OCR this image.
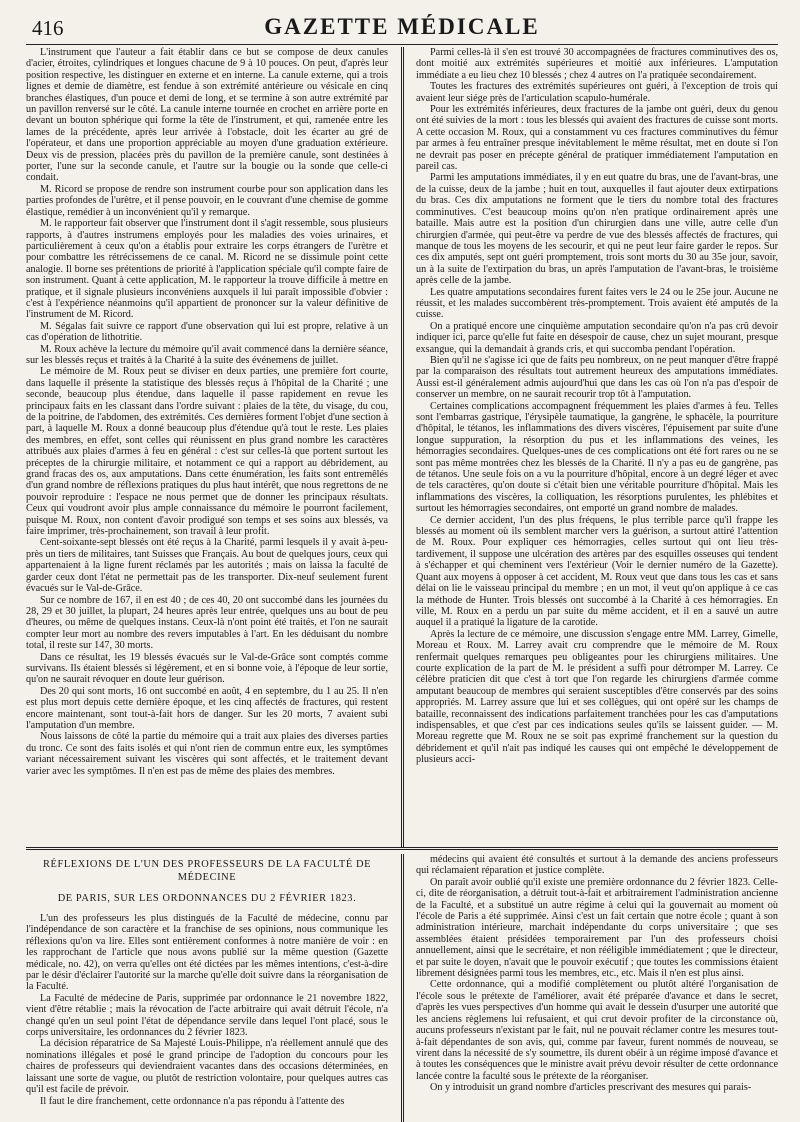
416	GAZETTE MÉDICALE

L'instrument que l'auteur a fait établir dans ce but se compose de deux canules d'acier, étroites, cylindriques et longues chacune de 9 à 10 pouces. On peut, d'après leur position respective, les distinguer en externe et en interne. La canule externe, qui a trois lignes et demie de diamètre, est fendue à son extrémité antérieure ou vésicale en cinq branches élastiques, d'un pouce et demi de long, et se termine à son autre extrémité par un pavillon renversé sur le côté. La canule interne tournée en crochet en arrière porte en devant un bouton sphérique qui forme la tête de l'instrument, et qui, ramenée entre les lames de la précédente, après leur arrivée à l'obstacle, doit les écarter au gré de l'opérateur, et dans une proportion appréciable au moyen d'une graduation extérieure. Deux vis de pression, placées près du pavillon de la première canule, sont destinées à porter, l'une sur la seconde canule, et l'autre sur la bougie ou la sonde que celle-ci condait.

M. Ricord se propose de rendre son instrument courbe pour son application dans les parties profondes de l'urètre, et il pense pouvoir, en le couvrant d'une chemise de gomme élastique, remédier à un inconvénient qu'il y remarque.

M. le rapporteur fait observer que l'instrument dont il s'agit ressemble, sous plusieurs rapports, à d'autres instrumens employés pour les maladies des voies urinaires, et particulièrement à ceux qu'on a établis pour extraire les corps étrangers de l'urètre et pour combattre les rétrécissemens de ce canal. M. Ricord ne se dissimule point cette analogie. Il borne ses prétentions de priorité à l'application spéciale qu'il compte faire de son instrument. Quant à cette application, M. le rapporteur la trouve difficile à mettre en pratique, et il signale plusieurs inconvéniens auxquels il lui paraît impossible d'obvier : c'est à l'expérience néanmoins qu'il appartient de prononcer sur la valeur définitive de l'instrument de M. Ricord.

M. Ségalas fait suivre ce rapport d'une observation qui lui est propre, relative à un cas d'opération de lithotritie.

M. Roux achève la lecture du mémoire qu'il avait commencé dans la dernière séance, sur les blessés reçus et traités à la Charité à la suite des événemens de juillet.

Le mémoire de M. Roux peut se diviser en deux parties, une première fort courte, dans laquelle il présente la statistique des blessés reçus à l'hôpital de la Charité ; une seconde, beaucoup plus étendue, dans laquelle il passe rapidement en revue les principaux faits en les classant dans l'ordre suivant : plaies de la tête, du visage, du cou, de la poitrine, de l'abdomen, des extrémités. Ces dernières forment l'objet d'une section à part, à laquelle M. Roux a donné beaucoup plus d'étendue qu'à tout le reste. Les plaies des membres, en effet, sont celles qui réunissent en plus grand nombre les caractères attribués aux plaies d'armes à feu en général : c'est sur celles-là que portent surtout les préceptes de la chirurgie militaire, et notamment ce qui a rapport au débridement, au grand fracas des os, aux amputations. Dans cette énumération, les faits sont entremêlés d'un grand nombre de réflexions pratiques du plus haut intérêt, que nous regrettons de ne pouvoir reproduire : l'espace ne nous permet que de donner les principaux résultats. Ceux qui voudront avoir plus ample connaissance du mémoire le pourront facilement, puisque M. Roux, non content d'avoir prodigué son temps et ses soins aux blessés, va faire imprimer, très-prochainement, son travail à leur profit.

Cent-soixante-sept blessés ont été reçus à la Charité, parmi lesquels il y avait à-peu-près un tiers de militaires, tant Suisses que Français. Au bout de quelques jours, ceux qui appartenaient à la ligne furent réclamés par les autorités ; mais on laissa la faculté de garder ceux dont l'état ne permettait pas de les transporter. Dix-neuf seulement furent évacués sur le Val-de-Grâce.

Sur ce nombre de 167, il en est 40 ; de ces 40, 20 ont succombé dans les journées du 28, 29 et 30 juillet, la plupart, 24 heures après leur entrée, quelques uns au bout de peu d'heures, ou même de quelques instans. Ceux-là n'ont point été traités, et l'on ne saurait compter leur mort au nombre des revers imputables à l'art. En les déduisant du nombre total, il reste sur 147, 30 morts.

Dans ce résultat, les 19 blessés évacués sur le Val-de-Grâce sont comptés comme survivans. Ils étaient blessés si légèrement, et en si bonne voie, à l'époque de leur sortie, qu'on ne saurait révoquer en doute leur guérison.

Des 20 qui sont morts, 16 ont succombé en août, 4 en septembre, du 1 au 25. Il n'en est plus mort depuis cette dernière époque, et les cinq affectés de fractures, qui restent encore maintenant, sont tout-à-fait hors de danger. Sur les 20 morts, 7 avaient subi l'amputation d'un membre.

Nous laissons de côté la partie du mémoire qui a trait aux plaies des diverses parties du tronc. Ce sont des faits isolés et qui n'ont rien de commun entre eux, les symptômes variant nécessairement suivant les viscères qui sont affectés, et le traitement devant varier avec les symptômes. Il n'en est pas de même des plaies des membres.

Parmi celles-là il s'en est trouvé 30 accompagnées de fractures comminutives des os, dont moitié aux extrémités supérieures et moitié aux inférieures. L'amputation immédiate a eu lieu chez 10 blessés ; chez 4 autres on l'a pratiquée secondairement.

Toutes les fractures des extrémités supérieures ont guéri, à l'exception de trois qui avaient leur siége près de l'articulation scapulo-humérale.

Pour les extrémités inférieures, deux fractures de la jambe ont guéri, deux du genou ont été suivies de la mort : tous les blessés qui avaient des fractures de cuisse sont morts. A cette occasion M. Roux, qui a constamment vu ces fractures comminutives du fémur par armes à feu entraîner presque inévitablement le même résultat, met en doute si l'on ne devrait pas poser en précepte général de pratiquer immédiatement l'amputation en pareil cas.

Parmi les amputations immédiates, il y en eut quatre du bras, une de l'avant-bras, une de la cuisse, deux de la jambe ; huit en tout, auxquelles il faut ajouter deux extirpations du bras. Ces dix amputations ne forment que le tiers du nombre total des fractures comminutives. C'est beaucoup moins qu'on n'en pratique ordinairement après une bataille. Mais autre est la position d'un chirurgien dans une ville, autre celle d'un chirurgien d'armée, qui peut-être va perdre de vue des blessés affectés de fractures, qui manque de tous les moyens de les secourir, et qui ne peut leur faire garder le repos. Sur ces dix amputés, sept ont guéri promptement, trois sont morts du 30 au 35e jour, savoir, un à la suite de l'extirpation du bras, un après l'amputation de l'avant-bras, le troisième après celle de la jambe.

Les quatre amputations secondaires furent faites vers le 24 ou le 25e jour. Aucune ne réussit, et les malades succombèrent très-promptement. Trois avaient été amputés de la cuisse.

On a pratiqué encore une cinquième amputation secondaire qu'on n'a pas crû devoir indiquer ici, parce qu'elle fut faite en désespoir de cause, chez un sujet mourant, presque exsangue, qui la demandait à grands cris, et qui succomba pendant l'opération.

Bien qu'il ne s'agisse ici que de faits peu nombreux, on ne peut manquer d'être frappé par la comparaison des résultats tout autrement heureux des amputations immédiates. Aussi est-il généralement admis aujourd'hui que dans les cas où l'on n'a pas d'espoir de conserver un membre, on ne saurait recourir trop tôt à l'amputation.

Certaines complications accompagnent fréquemment les plaies d'armes à feu. Telles sont l'embarras gastrique, l'érysipèle taumatique, la gangrène, le sphacèle, la pourriture d'hôpital, le tétanos, les inflammations des divers viscères, l'épuisement par suite d'une longue suppuration, la résorption du pus et les inflammations des veines, les hémorragies secondaires. Quelques-unes de ces complications ont été fort rares ou ne se sont pas même montrées chez les blessés de la Charité. Il n'y a pas eu de gangrène, pas de tétanos. Une seule fois on a vu la pourriture d'hôpital, encore à un degré léger et avec de tels caractères, qu'on doute si c'était bien une véritable pourriture d'hôpital. Mais les inflammations des viscères, la colliquation, les résorptions purulentes, les phlébites et surtout les hémorragies secondaires, ont emporté un grand nombre de malades.

Ce dernier accident, l'un des plus fréquens, le plus terrible parce qu'il frappe les blessés au moment où ils semblent marcher vers la guérison, a surtout attiré l'attention de M. Roux. Pour expliquer ces hémorragies, celles surtout qui ont lieu très-tardivement, il suppose une ulcération des artères par des esquilles osseuses qui tendent à s'échapper et qui cheminent vers l'extérieur (Voir le dernier numéro de la Gazette). Quant aux moyens à opposer à cet accident, M. Roux veut que dans tous les cas et sans délai on lie le vaisseau principal du membre ; en un mot, il veut qu'on applique à ce cas la méthode de Hunter. Trois blessés ont succombé à la Charité à ces hémorragies. En ville, M. Roux en a perdu un par suite du même accident, et il en a sauvé un autre auquel il a pratiqué la ligature de la carotide.

Après la lecture de ce mémoire, une discussion s'engage entre MM. Larrey, Gimelle, Moreau et Roux. M. Larrey avait cru comprendre que le mémoire de M. Roux renfermait quelques remarques peu obligeantes pour les chirurgiens militaires. Une courte explication de la part de M. le président a suffi pour détromper M. Larrey. Ce célèbre praticien dit que c'est à tort que l'on regarde les chirurgiens d'armée comme amputant beaucoup de membres qui seraient susceptibles d'être conservés par des soins appropriés. M. Larrey assure que lui et ses collègues, qui ont opéré sur les champs de bataille, reconnaissent des indications parfaitement tranchées pour les cas d'amputations indispensables, et que c'est par ces indications seules qu'ils se laissent guider. — M. Moreau regrette que M. Roux ne se soit pas exprimé franchement sur la question du débridement et qu'il n'ait pas indiqué les causes qui ont empêché le développement de plusieurs acci-

RÉFLEXIONS DE L'UN DES PROFESSEURS DE LA FACULTÉ DE MÉDECINE
DE PARIS, SUR LES ORDONNANCES DU 2 FÉVRIER 1823.

L'un des professeurs les plus distingués de la Faculté de médecine, connu par l'indépendance de son caractère et la franchise de ses opinions, nous communique les réflexions qu'on va lire. Elles sont entièrement conformes à notre manière de voir : en les rapprochant de l'article que nous avons publié sur la même question (Gazette médicale, no. 42), on verra qu'elles ont été dictées par les mêmes intentions, c'est-à-dire par le désir d'éclairer l'autorité sur la marche qu'elle doit suivre dans la réorganisation de la Faculté.

La Faculté de médecine de Paris, supprimée par ordonnance le 21 novembre 1822, vient d'être rétablie ; mais la révocation de l'acte arbitraire qui avait détruit l'école, n'a changé qu'en un seul point l'état de dépendance servile dans lequel l'ont placé, sous le corps universitaire, les ordonnances du 2 février 1823.

La décision réparatrice de Sa Majesté Louis-Philippe, n'a réellement annulé que des nominations illégales et posé le grand principe de l'adoption du concours pour les chaires de professeurs qui deviendraient vacantes dans des occasions déterminées, en laissant une sorte de vague, ou plutôt de restriction volontaire, pour quelques autres cas qu'il est facile de prévoir.

Il faut le dire franchement, cette ordonnance n'a pas répondu à l'attente des

médecins qui avaient été consultés et surtout à la demande des anciens professeurs qui réclamaient réparation et justice complète.

On paraît avoir oublié qu'il existe une première ordonnance du 2 février 1823. Celle-ci, dite de réorganisation, a détruit tout-à-fait et arbitrairement l'administration ancienne de la Faculté, et a substitué un autre régime à celui qui la gouvernait au moment où l'école de Paris a été supprimée. Ainsi c'est un fait certain que notre école ; quant à son administration intérieure, marchait indépendante du corps universitaire ; que ses assemblées étaient présidées temporairement par l'un des professeurs choisi annuellement, ainsi que le secrétaire, et non rééligible immédiatement ; que le directeur, et par suite le doyen, n'avait que le pouvoir exécutif ; que toutes les commissions étaient librement désignées parmi tous les membres, etc., etc. Mais il n'en est plus ainsi.

Cette ordonnance, qui a modifié complètement ou plutôt altéré l'organisation de l'école sous le prétexte de l'améliorer, avait été préparée d'avance et dans le secret, d'après les vues perspectives d'un homme qui avait le dessein d'usurper une autorité que les anciens règlemens lui refusaient, et qui crut devoir profiter de la circonstance où, aucuns professeurs n'existant par le fait, nul ne pouvait réclamer contre les mesures tout-à-fait dépendantes de son avis, qui, comme par faveur, furent nommés de nouveau, se virent dans la nécessité de s'y soumettre, ils durent obéir à un régime imposé d'avance et à toutes les conséquences que le ministre avait prévu devoir résulter de cette ordonnance lancée contre la faculté sous le prétexte de la réorganiser.

On y introduisit un grand nombre d'articles prescrivant des mesures qui parais-
